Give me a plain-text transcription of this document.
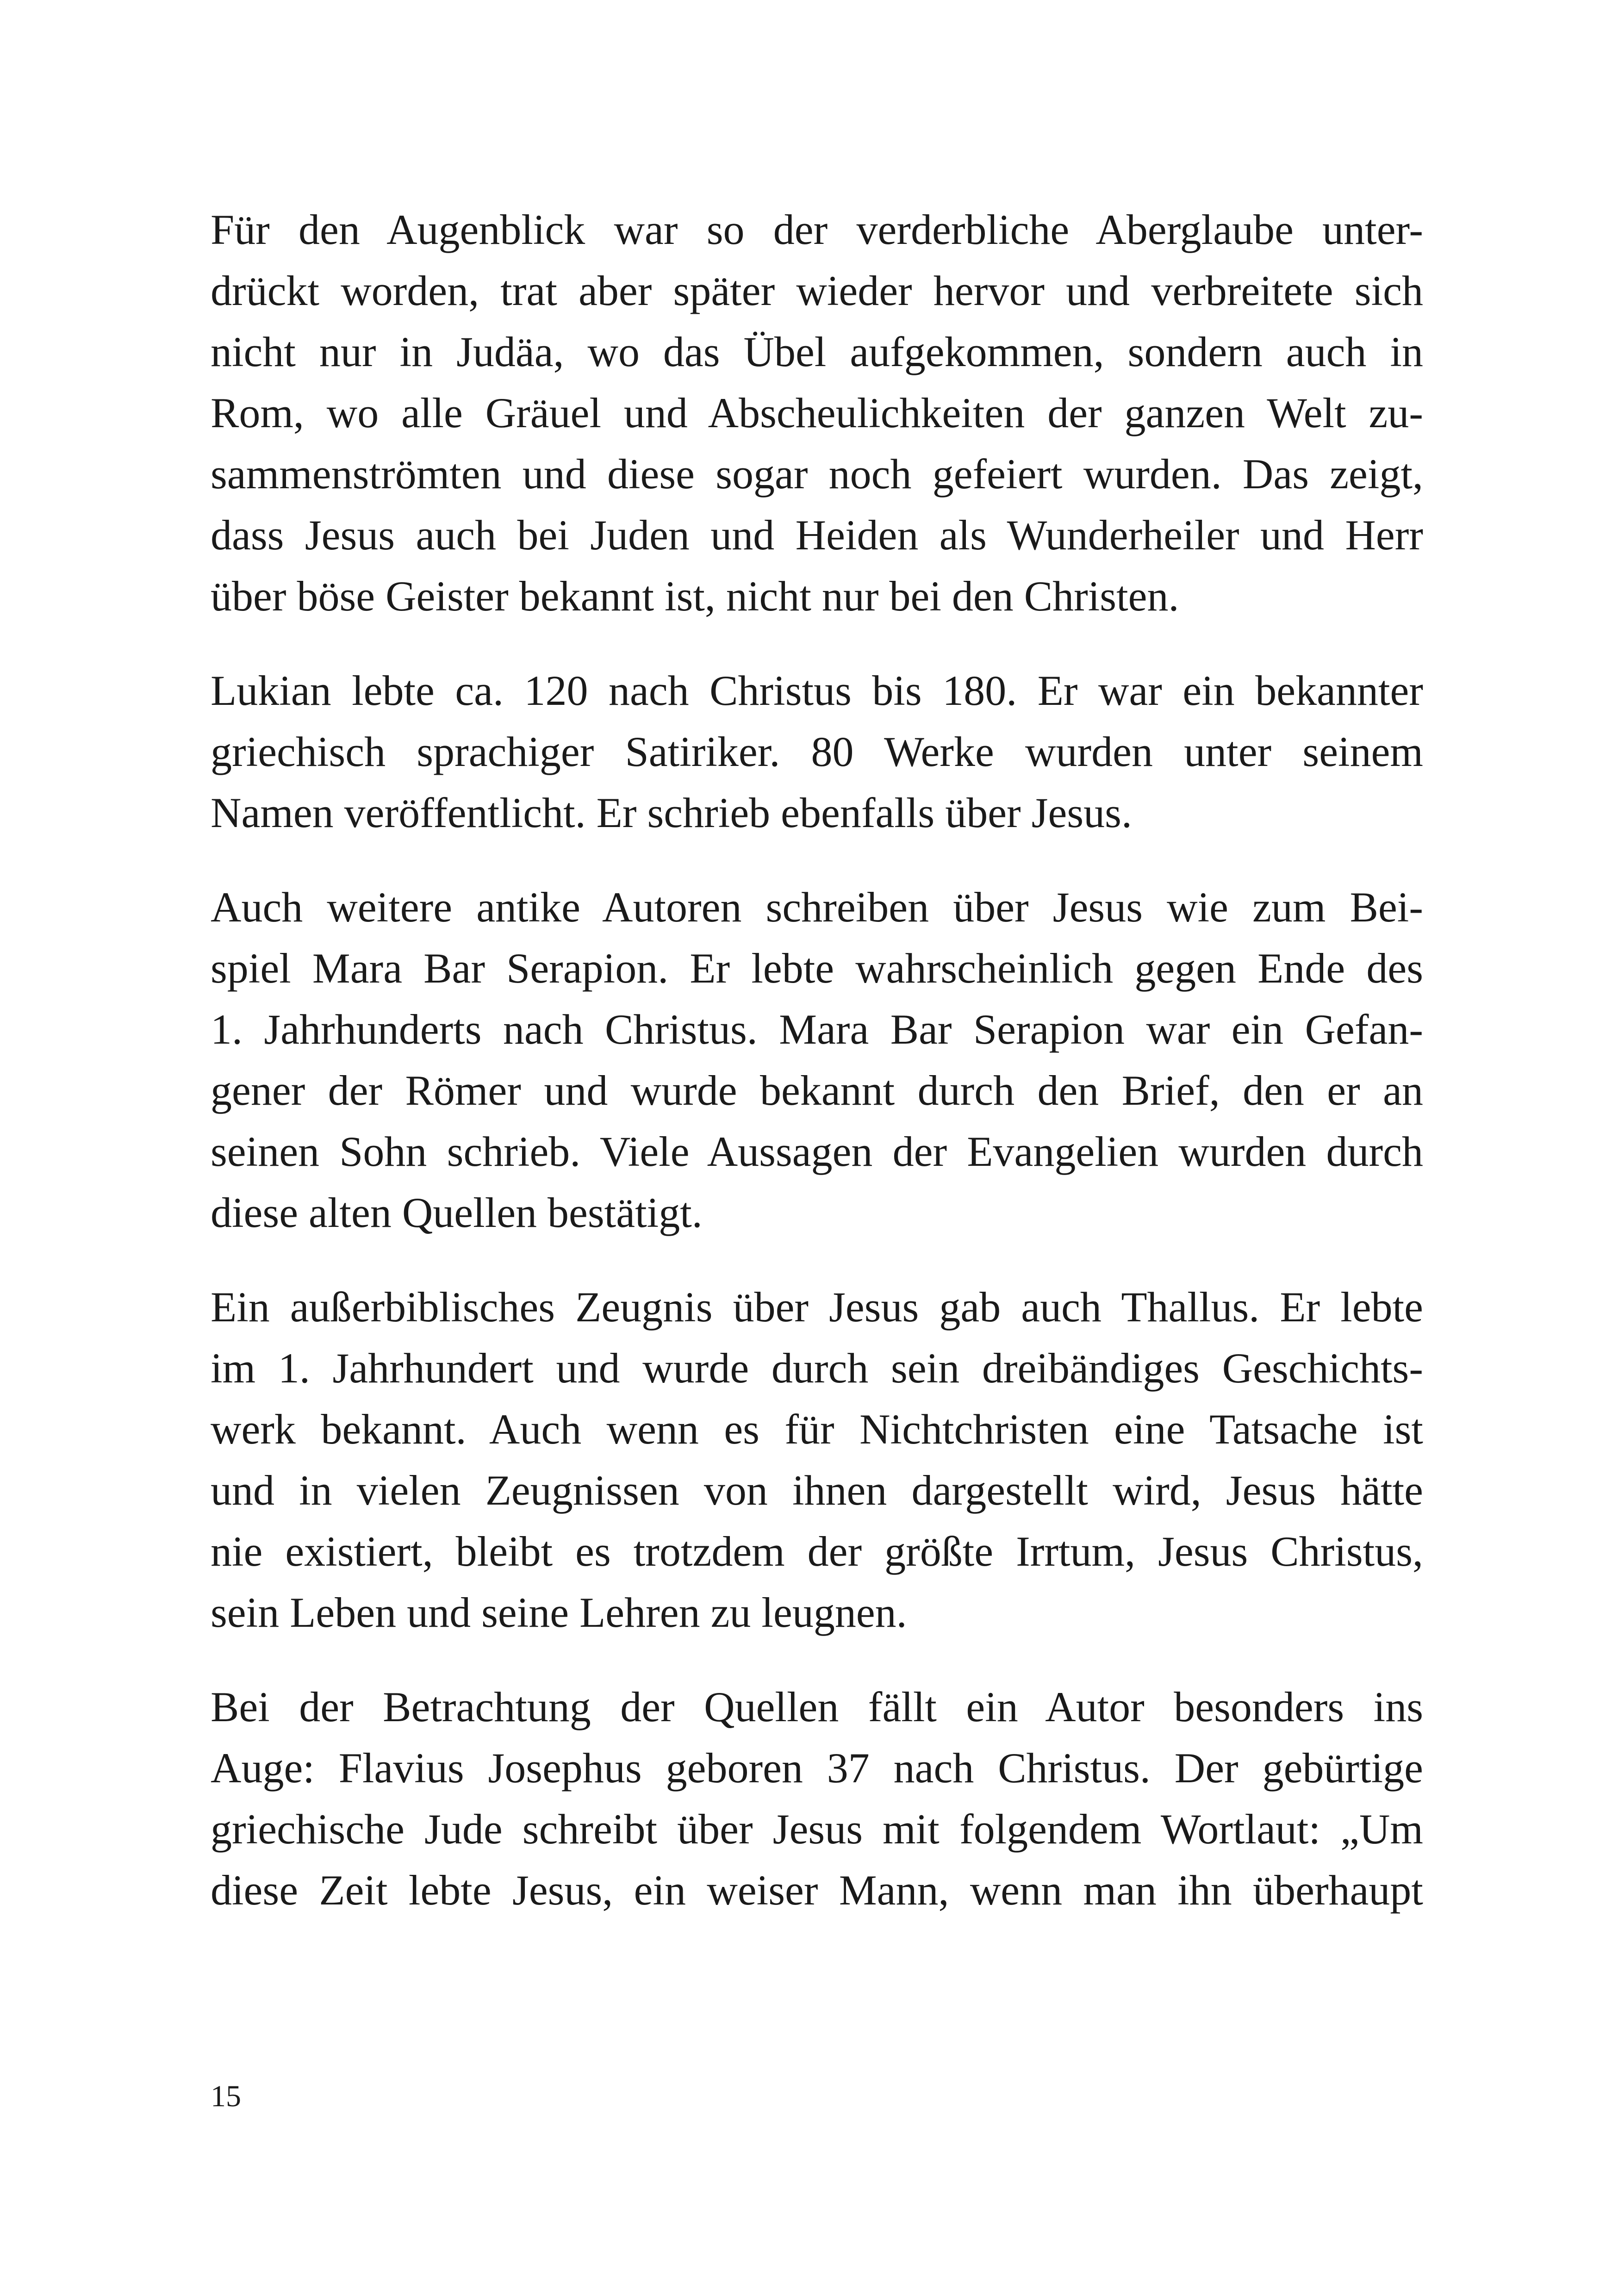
Für den Augenblick war so der verderbliche Aberglaube unter-
drückt worden, trat aber später wieder hervor und verbreitete sich
nicht nur in Judäa, wo das Übel aufgekommen, sondern auch in
Rom, wo alle Gräuel und Abscheulichkeiten der ganzen Welt zu-
sammenströmten und diese sogar noch gefeiert wurden. Das zeigt,
dass Jesus auch bei Juden und Heiden als Wunderheiler und Herr
über böse Geister bekannt ist, nicht nur bei den Christen.
Lukian lebte ca. 120 nach Christus bis 180. Er war ein bekannter
griechisch sprachiger Satiriker. 80 Werke wurden unter seinem
Namen veröffentlicht. Er schrieb ebenfalls über Jesus.
Auch weitere antike Autoren schreiben über Jesus wie zum Bei-
spiel Mara Bar Serapion. Er lebte wahrscheinlich gegen Ende des
1. Jahrhunderts nach Christus. Mara Bar Serapion war ein Gefan-
gener der Römer und wurde bekannt durch den Brief, den er an
seinen Sohn schrieb. Viele Aussagen der Evangelien wurden durch
diese alten Quellen bestätigt.
Ein außerbiblisches Zeugnis über Jesus gab auch Thallus. Er lebte
im 1. Jahrhundert und wurde durch sein dreibändiges Geschichts-
werk bekannt. Auch wenn es für Nichtchristen eine Tatsache ist
und in vielen Zeugnissen von ihnen dargestellt wird, Jesus hätte
nie existiert, bleibt es trotzdem der größte Irrtum, Jesus Christus,
sein Leben und seine Lehren zu leugnen.
Bei der Betrachtung der Quellen fällt ein Autor besonders ins
Auge: Flavius Josephus geboren 37 nach Christus. Der gebürtige
griechische Jude schreibt über Jesus mit folgendem Wortlaut: „Um
diese Zeit lebte Jesus, ein weiser Mann, wenn man ihn überhaupt
15
